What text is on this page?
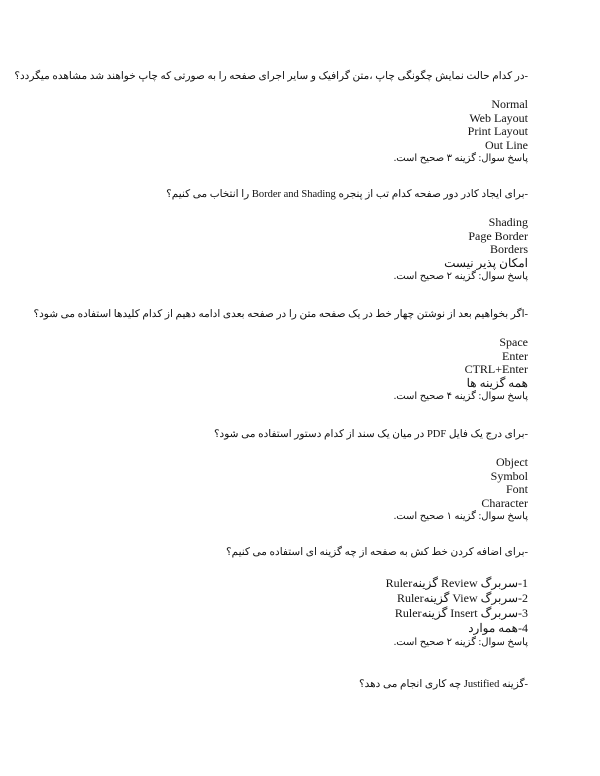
-در کدام حالت نمایش چگونگی چاپ ،متن گرافیک و سایر اجرای صفحه را به صورتی که چاپ خواهند شد مشاهده میگردد؟

Normal

Web Layout

Print Layout

Out Line

پاسخ سوال: گزینه ۳ صحیح است.

-برای ایجاد کادر دور صفحه کدام تب از پنجره Border and Shading را انتخاب می کنیم؟

Shading

Page Border

Borders

امکان پذیر نیست

پاسخ سوال: گزینه ۲ صحیح است.

-اگر بخواهیم بعد از نوشتن چهار خط در یک صفحه متن را در صفحه بعدی ادامه دهیم از کدام کلیدها استفاده می شود؟

Space

Enter

CTRL+Enter

همه گزینه ها

پاسخ سوال: گزینه ۴ صحیح است.

-برای درج یک فایل PDF در میان یک سند از کدام دستور استفاده می شود؟

Object

Symbol

Font

Character

پاسخ سوال: گزینه ۱ صحیح است.

-برای اضافه کردن خط کش به صفحه از چه گزینه ای استفاده می کنیم؟

1-سربرگ Review گزینهRuler

2-سربرگ View گزینهRuler

3-سربرگ Insert گزینهRuler

4-همه موارد

پاسخ سوال: گزینه ۲ صحیح است.

-گزینه Justified چه کاری انجام می دهد؟
